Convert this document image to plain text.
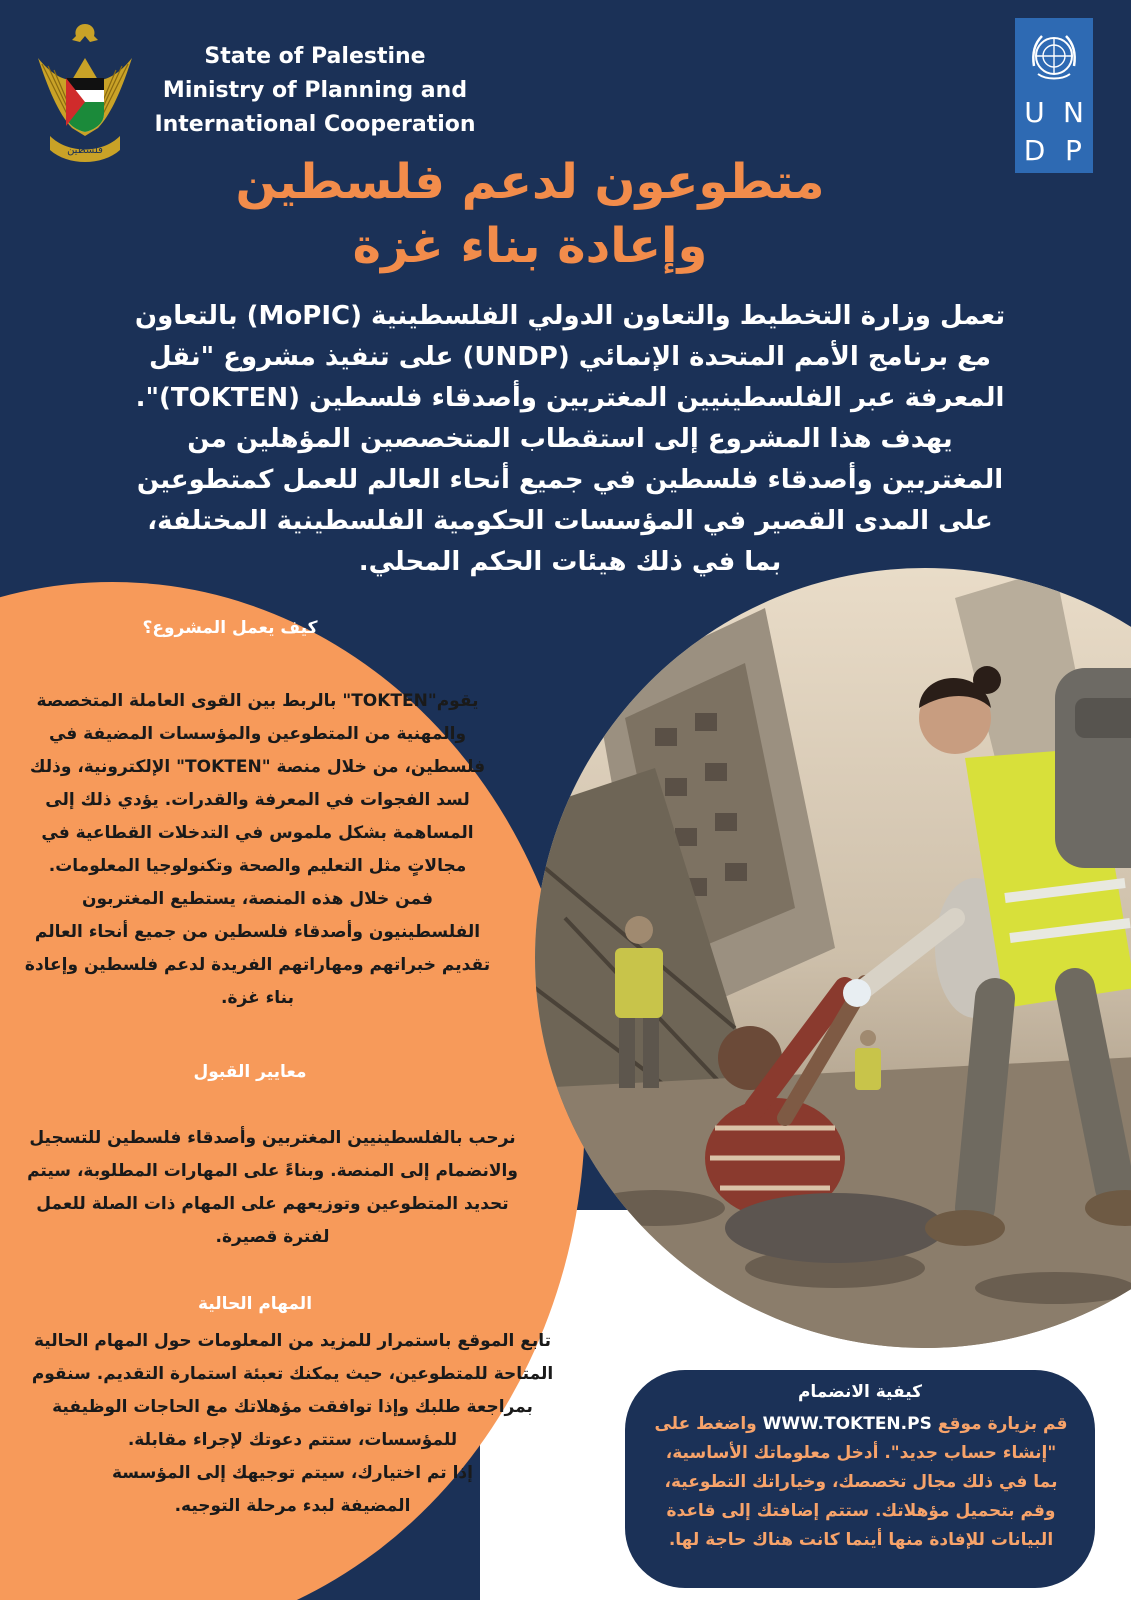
فلسطين
State of Palestine
Ministry of Planning and
International Cooperation	U N
D P
متطوعون لدعم فلسطين
وإعادة بناء غزة
تعمل وزارة التخطيط والتعاون الدولي الفلسطينية (MoPIC) بالتعاون
مع برنامج الأمم المتحدة الإنمائي (UNDP) على تنفيذ مشروع "نقل
المعرفة عبر الفلسطينيين المغتربين وأصدقاء فلسطين (TOKTEN)".
يهدف هذا المشروع إلى استقطاب المتخصصين المؤهلين من
المغتربين وأصدقاء فلسطين في جميع أنحاء العالم للعمل كمتطوعين
على المدى القصير في المؤسسات الحكومية الفلسطينية المختلفة،
بما في ذلك هيئات الحكم المحلي.
كيف يعمل المشروع؟
يقوم"TOKTEN" بالربط بين القوى العاملة المتخصصة
والمهنية من المتطوعين والمؤسسات المضيفة في
فلسطين، من خلال منصة "TOKTEN" الإلكترونية، وذلك
لسد الفجوات في المعرفة والقدرات. يؤدي ذلك إلى
المساهمة بشكل ملموس في التدخلات القطاعية في
مجالاتٍ مثل التعليم والصحة وتكنولوجيا المعلومات.
فمن خلال هذه المنصة، يستطيع المغتربون
الفلسطينيون وأصدقاء فلسطين من جميع أنحاء العالم
تقديم خبراتهم ومهاراتهم الفريدة لدعم فلسطين وإعادة
بناء غزة.
معايير القبول
نرحب بالفلسطينيين المغتربين وأصدقاء فلسطين للتسجيل
والانضمام إلى المنصة. وبناءً على المهارات المطلوبة، سيتم
تحديد المتطوعين وتوزيعهم على المهام ذات الصلة للعمل
لفترة قصيرة.
المهام الحالية
تابع الموقع باستمرار للمزيد من المعلومات حول المهام الحالية
المتاحة للمتطوعين، حيث يمكنك تعبئة استمارة التقديم. سنقوم
بمراجعة طلبك وإذا توافقت مؤهلاتك مع الحاجات الوظيفية
للمؤسسات، ستتم دعوتك لإجراء مقابلة.
إذا تم اختيارك، سيتم توجيهك إلى المؤسسة
المضيفة لبدء مرحلة التوجيه.
كيفية الانضمام
قم بزيارة موقع WWW.TOKTEN.PS واضغط على
"إنشاء حساب جديد". أدخل معلوماتك الأساسية،
بما في ذلك مجال تخصصك، وخياراتك التطوعية،
وقم بتحميل مؤهلاتك. ستتم إضافتك إلى قاعدة
البيانات للإفادة منها أينما كانت هناك حاجة لها.
